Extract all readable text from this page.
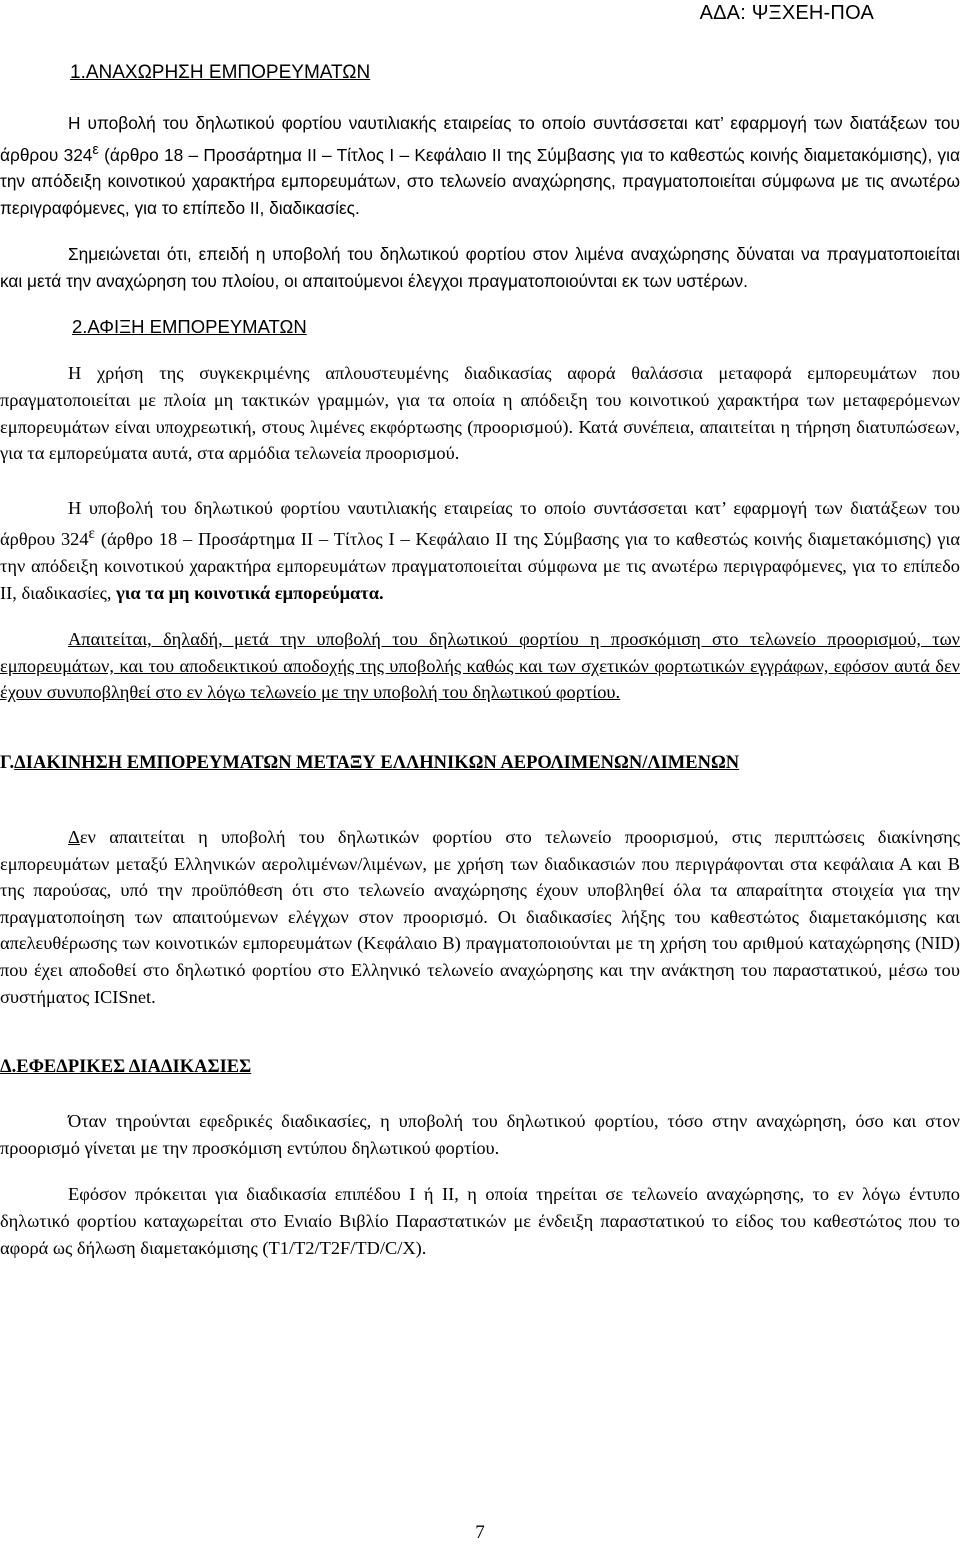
ΑΔΑ: ΨΞΧΕΗ-ΠΟΑ
1.ΑΝΑΧΩΡΗΣΗ ΕΜΠΟΡΕΥΜΑΤΩΝ

Η υποβολή του δηλωτικού φορτίου ναυτιλιακής εταιρείας το οποίο συντάσσεται κατ’ εφαρμογή των διατάξεων του άρθρου $324^\varepsilon$ (άρθρο 18 – Προσάρτημα ΙΙ – Τίτλος Ι – Κεφάλαιο ΙΙ της Σύμβασης για το καθεστώς κοινής διαμετακόμισης), για την απόδειξη κοινοτικού χαρακτήρα εμπορευμάτων, στο τελωνείο αναχώρησης, πραγματοποιείται σύμφωνα με τις ανωτέρω περιγραφόμενες, για το επίπεδο ΙΙ, διαδικασίες.

Σημειώνεται ότι, επειδή η υποβολή του δηλωτικού φορτίου στον λιμένα αναχώρησης δύναται να πραγματοποιείται και μετά την αναχώρηση του πλοίου, οι απαιτούμενοι έλεγχοι πραγματοποιούνται εκ των υστέρων.

2.ΑΦΙΞΗ ΕΜΠΟΡΕΥΜΑΤΩΝ

Η χρήση της συγκεκριμένης απλουστευμένης διαδικασίας αφορά θαλάσσια μεταφορά εμπορευμάτων που πραγματοποιείται με πλοία μη τακτικών γραμμών, για τα οποία η απόδειξη του κοινοτικού χαρακτήρα των μεταφερόμενων εμπορευμάτων είναι υποχρεωτική, στους λιμένες εκφόρτωσης (προορισμού). Κατά συνέπεια, απαιτείται η τήρηση διατυπώσεων, για τα εμπορεύματα αυτά, στα αρμόδια τελωνεία προορισμού.

Η υποβολή του δηλωτικού φορτίου ναυτιλιακής εταιρείας το οποίο συντάσσεται κατ’ εφαρμογή των διατάξεων του άρθρου $324^\varepsilon$ (άρθρο 18 – Προσάρτημα ΙΙ – Τίτλος Ι – Κεφάλαιο ΙΙ της Σύμβασης για το καθεστώς κοινής διαμετακόμισης) για την απόδειξη κοινοτικού χαρακτήρα εμπορευμάτων πραγματοποιείται σύμφωνα με τις ανωτέρω περιγραφόμενες, για το επίπεδο ΙΙ, διαδικασίες, για τα μη κοινοτικά εμπορεύματα.

Απαιτείται, δηλαδή, μετά την υποβολή του δηλωτικού φορτίου η προσκόμιση στο τελωνείο προορισμού, των εμπορευμάτων, και του αποδεικτικού αποδοχής της υποβολής καθώς και των σχετικών φορτωτικών εγγράφων, εφόσον αυτά δεν έχουν συνυποβληθεί στο εν λόγω τελωνείο με την υποβολή του δηλωτικού φορτίου.

Γ.ΔΙΑΚΙΝΗΣΗ ΕΜΠΟΡΕΥΜΑΤΩΝ ΜΕΤΑΞΥ ΕΛΛΗΝΙΚΩΝ ΑΕΡΟΛΙΜΕΝΩΝ/ΛΙΜΕΝΩΝ

Δεν απαιτείται η υποβολή του δηλωτικών φορτίου στο τελωνείο προορισμού, στις περιπτώσεις διακίνησης εμπορευμάτων μεταξύ Ελληνικών αερολιμένων/λιμένων, με χρήση των διαδικασιών που περιγράφονται στα κεφάλαια Α και Β της παρούσας, υπό την προϋπόθεση ότι στο τελωνείο αναχώρησης έχουν υποβληθεί όλα τα απαραίτητα στοιχεία για την πραγματοποίηση των απαιτούμενων ελέγχων στον προορισμό. Οι διαδικασίες λήξης του καθεστώτος διαμετακόμισης και απελευθέρωσης των κοινοτικών εμπορευμάτων (Κεφάλαιο Β) πραγματοποιούνται με τη χρήση του αριθμού καταχώρησης (NID) που έχει αποδοθεί στο δηλωτικό φορτίου στο Ελληνικό τελωνείο αναχώρησης και την ανάκτηση του παραστατικού, μέσω του συστήματος ICISnet.

Δ.ΕΦΕΔΡΙΚΕΣ ΔΙΑΔΙΚΑΣΙΕΣ

Όταν τηρούνται εφεδρικές διαδικασίες, η υποβολή του δηλωτικού φορτίου, τόσο στην αναχώρηση, όσο και στον προορισμό γίνεται με την προσκόμιση εντύπου δηλωτικού φορτίου.

Εφόσον πρόκειται για διαδικασία επιπέδου Ι ή ΙΙ, η οποία τηρείται σε τελωνείο αναχώρησης, το εν λόγω έντυπο δηλωτικό φορτίου καταχωρείται στο Ενιαίο Βιβλίο Παραστατικών με ένδειξη παραστατικού το είδος του καθεστώτος που το αφορά ως δήλωση διαμετακόμισης (T1/T2/T2F/TD/C/X).

7
